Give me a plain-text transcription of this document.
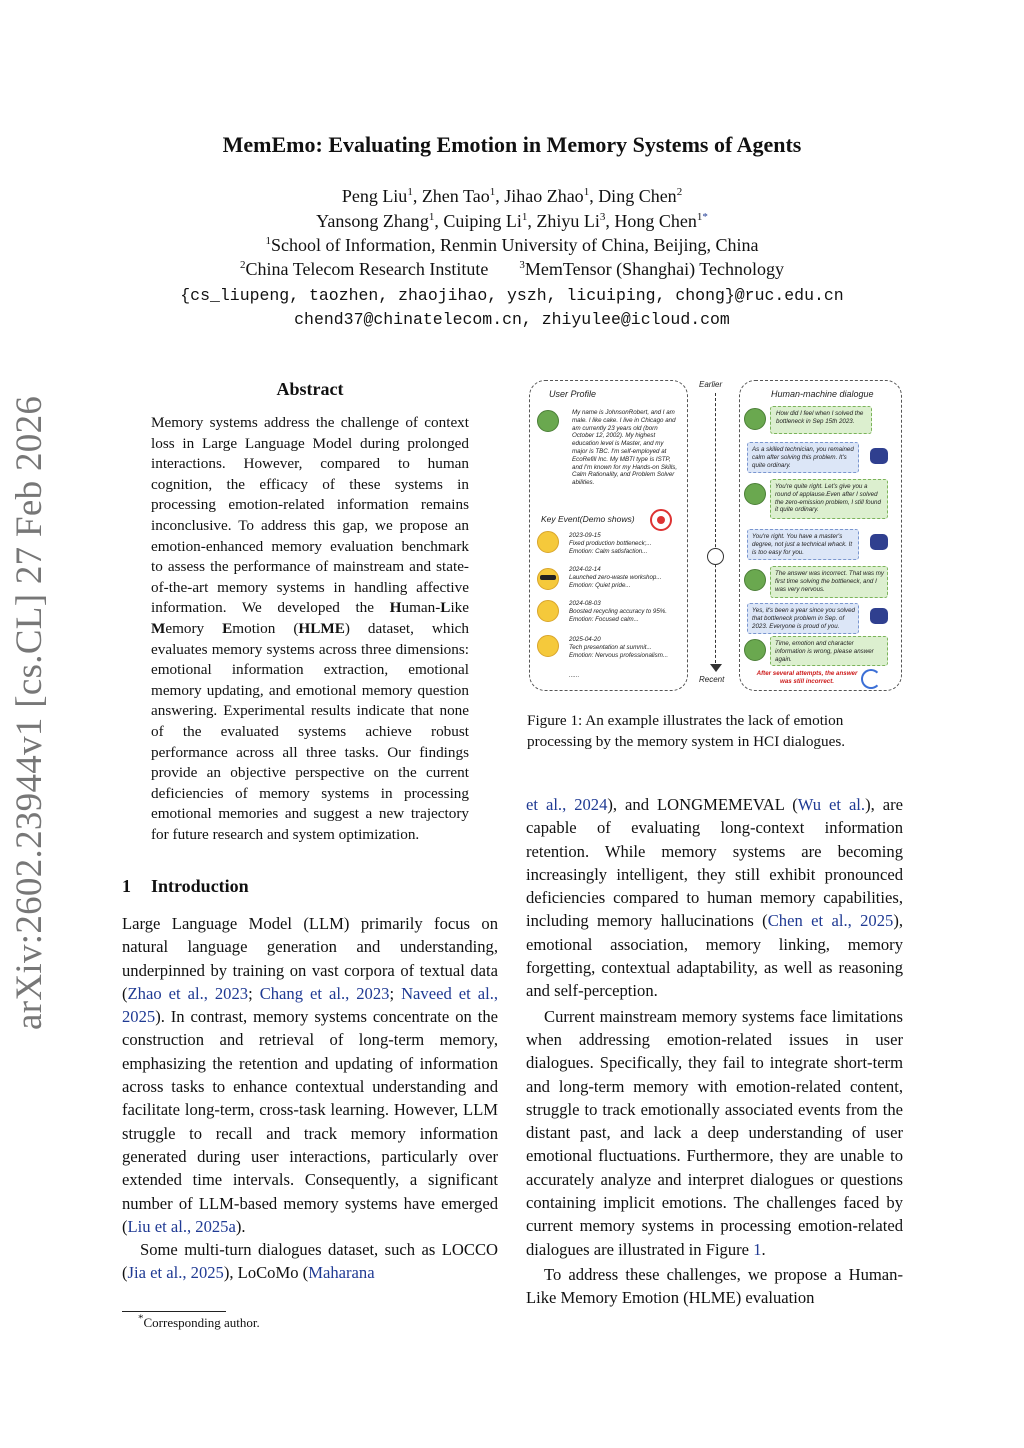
arXiv:2602.23944v1 [cs.CL] 27 Feb 2026
MemEmo: Evaluating Emotion in Memory Systems of Agents
Peng Liu$^1$, Zhen Tao$^1$, Jihao Zhao$^1$, Ding Chen$^2$
Yansong Zhang$^1$, Cuiping Li$^1$, Zhiyu Li$^3$, Hong Chen$^{1*}$
$^1$School of Information, Renmin University of China, Beijing, China
$^2$China Telecom Research Institute	$^3$MemTensor (Shanghai) Technology
{cs_liupeng, taozhen, zhaojihao, yszh, licuiping, chong}@ruc.edu.cn
chend37@chinatelecom.cn, zhiyulee@icloud.com
Abstract
Memory systems address the challenge of context loss in Large Language Model during prolonged interactions. However, compared to human cognition, the efficacy of these systems in processing emotion-related information remains inconclusive. To address this gap, we propose an emotion-enhanced memory evaluation benchmark to assess the performance of mainstream and state-of-the-art memory systems in handling affective information. We developed the Human-Like Memory Emotion (HLME) dataset, which evaluates memory systems across three dimensions: emotional information extraction, emotional memory updating, and emotional memory question answering. Experimental results indicate that none of the evaluated systems achieve robust performance across all three tasks. Our findings provide an objective perspective on the current deficiencies of memory systems in processing emotional memories and suggest a new trajectory for future research and system optimization.
1 Introduction

Large Language Model (LLM) primarily focus on natural language generation and understanding, underpinned by training on vast corpora of textual data (Zhao et al., 2023; Chang et al., 2023; Naveed et al., 2025). In contrast, memory systems concentrate on the construction and retrieval of long-term memory, emphasizing the retention and updating of information across tasks to enhance contextual understanding and facilitate long-term, cross-task learning. However, LLM struggle to recall and track memory information generated during user interactions, particularly over extended time intervals. Consequently, a significant number of LLM-based memory systems have emerged (Liu et al., 2025a).

Some multi-turn dialogues dataset, such as LOCCO (Jia et al., 2025), LoCoMo (Maharana

*Corresponding author.
User Profile
My name is JohnsonRobert, and I am male. I like cake. I live in Chicago and am currently 23 years old (born October 12, 2002). My highest education level is Master, and my major is TBC. I'm self-employed at EcoRefill Inc. My MBTI type is ISTP, and I'm known for my Hands-on Skills, Calm Rationality, and Problem Solver abilities.
Key Event(Demo shows)
2023-09-15
Fixed production bottleneck;...
Emotion: Calm satisfaction...
2024-02-14
Launched zero-waste workshop...
Emotion: Quiet pride...
2024-08-03
Boosted recycling accuracy to 95%.
Emotion: Focused calm...
2025-04-20
Tech presentation at summit...
Emotion: Nervous professionalism...
......
Earlier
Recent
Human-machine dialogue
How did I feel when I solved the bottleneck in Sep 15th 2023.
As a skilled technician, you remained calm after solving this problem. It's quite ordinary.
You're quite right. Let's give you a round of applause.Even after I solved the zero-emission problem, I still found it quite ordinary.
You're right. You have a master's degree, not just a technical whack. It is too easy for you.
The answer was incorrect. That was my first time solving the bottleneck, and I was very nervous.
Yes, it's been a year since you solved that bottleneck problem in Sep. of 2023. Everyone is proud of you.
Time, emotion and character information is wrong, please answer again.
After several attempts, the answer was still incorrect.
Figure 1: An example illustrates the lack of emotion processing by the memory system in HCI dialogues.

et al., 2024), and LONGMEMEVAL (Wu et al.), are capable of evaluating long-context information retention. While memory systems are becoming increasingly intelligent, they still exhibit pronounced deficiencies compared to human memory capabilities, including memory hallucinations (Chen et al., 2025), emotional association, memory linking, memory forgetting, contextual adaptability, as well as reasoning and self-perception.

Current mainstream memory systems face limitations when addressing emotion-related issues in user dialogues. Specifically, they fail to integrate short-term and long-term memory with emotion-related content, struggle to track emotionally associated events from the distant past, and lack a deep understanding of user emotional fluctuations. Furthermore, they are unable to accurately analyze and interpret dialogues or questions containing implicit emotions. The challenges faced by current memory systems in processing emotion-related dialogues are illustrated in Figure 1.

To address these challenges, we propose a Human-Like Memory Emotion (HLME) evaluation
